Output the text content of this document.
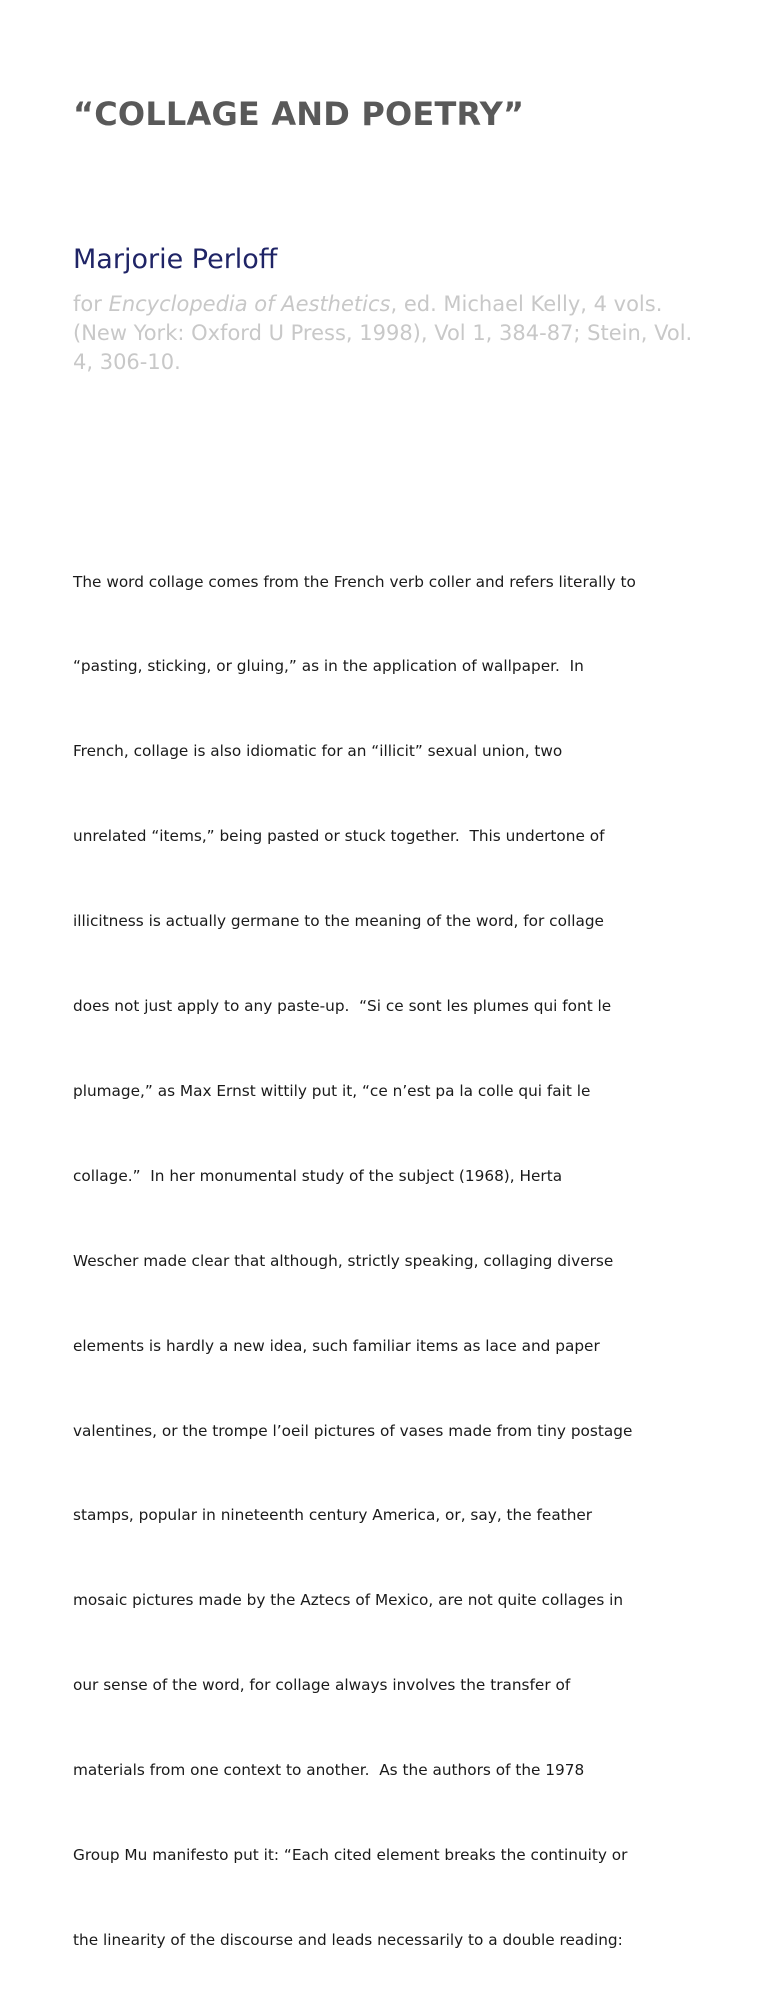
“COLLAGE AND POETRY”
Marjorie Perloff

for Encyclopedia of Aesthetics, ed. Michael Kelly, 4 vols. (New York: Oxford U Press, 1998), Vol 1, 384-87; Stein, Vol. 4, 306-10.

The word collage comes from the French verb coller and refers literally to

“pasting, sticking, or gluing,” as in the application of wallpaper.  In

French, collage is also idiomatic for an “illicit” sexual union, two

unrelated “items,” being pasted or stuck together.  This undertone of

illicitness is actually germane to the meaning of the word, for collage

does not just apply to any paste-up.  “Si ce sont les plumes qui font le

plumage,” as Max Ernst wittily put it, “ce n’est pa la colle qui fait le

collage.”  In her monumental study of the subject (1968), Herta

Wescher made clear that although, strictly speaking, collaging diverse

elements is hardly a new idea, such familiar items as lace and paper

valentines, or the trompe l’oeil pictures of vases made from tiny postage

stamps, popular in nineteenth century America, or, say, the feather

mosaic pictures made by the Aztecs of Mexico, are not quite collages in

our sense of the word, for collage always involves the transfer of

materials from one context to another.  As the authors of the 1978

Group Mu manifesto put it: “Each cited element breaks the continuity or

the linearity of the discourse and leads necessarily to a double reading:
